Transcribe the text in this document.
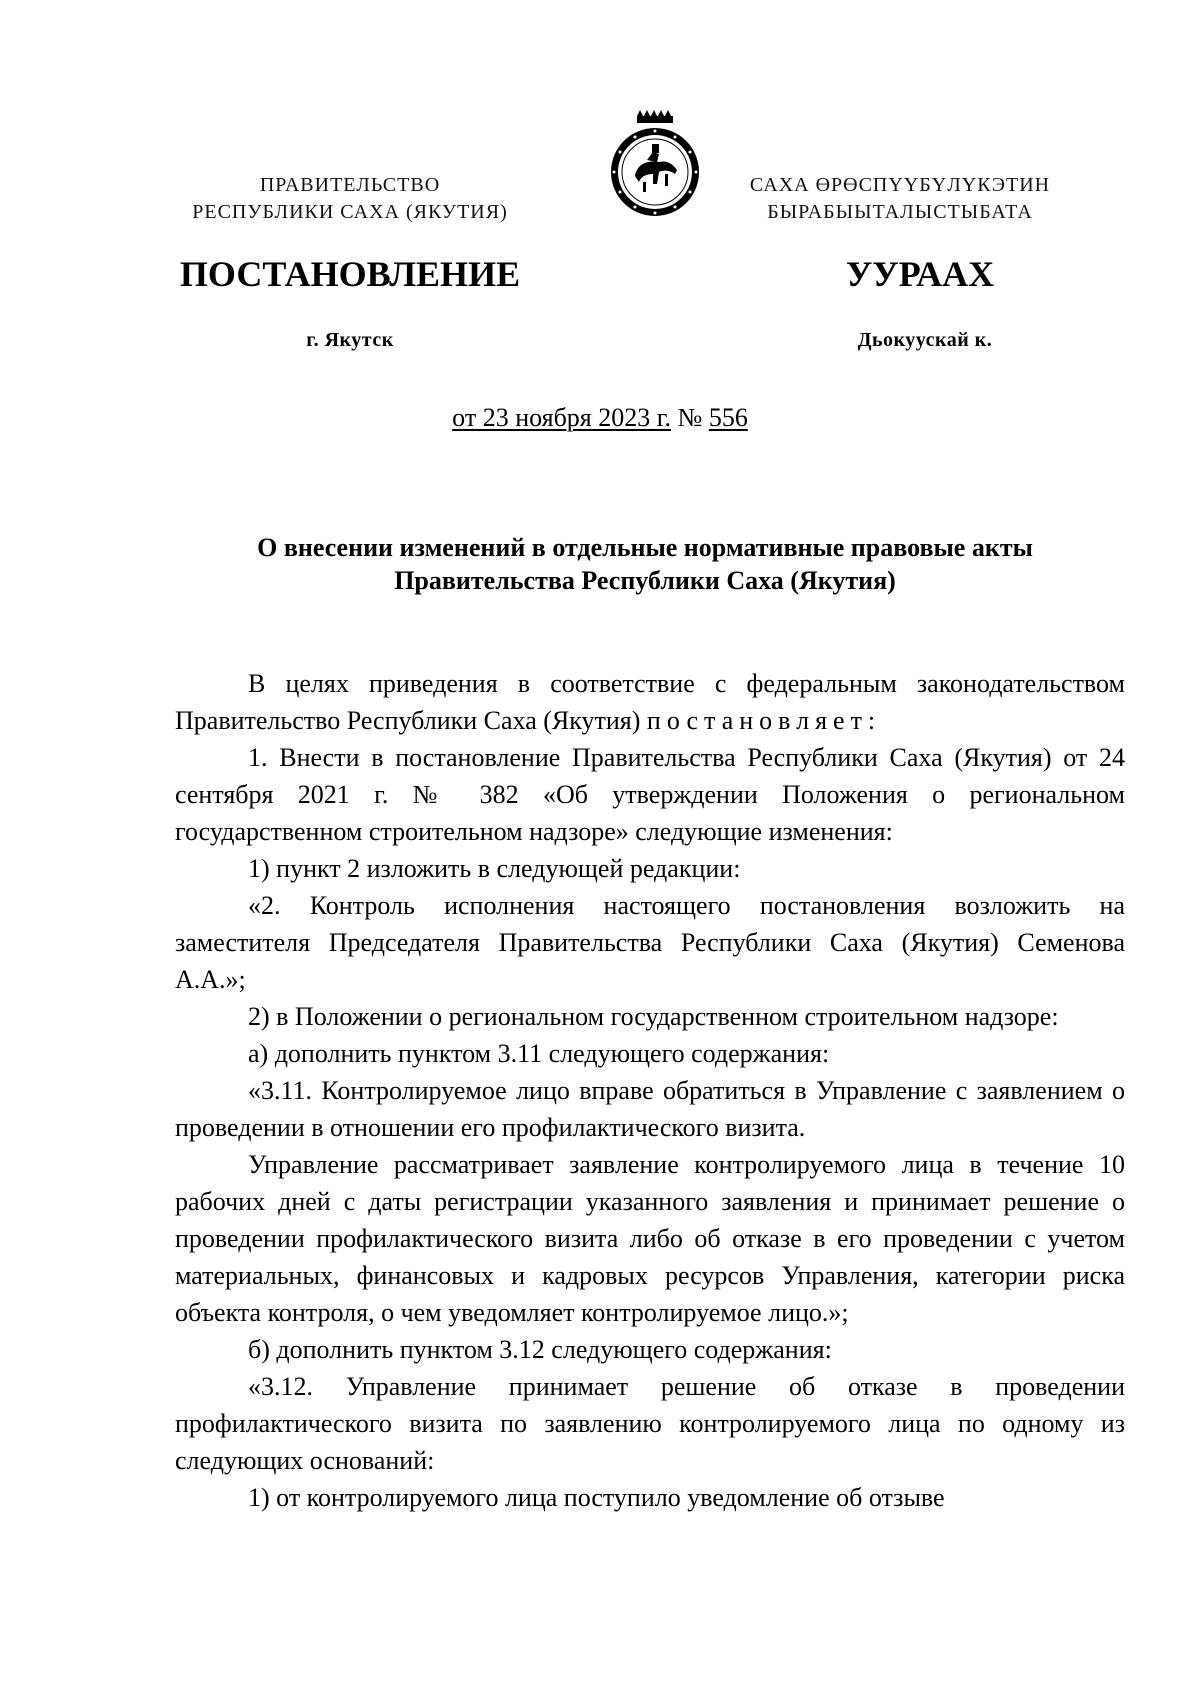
ПРАВИТЕЛЬСТВО
РЕСПУБЛИКИ САХА (ЯКУТИЯ)
САХА ӨРӨСПҮҮБҮЛҮКЭТИН
БЫРАБЫЫТАЛЫСТЫБАТА
ПОСТАНОВЛЕНИЕ	УУРААХ
г. Якутск	Дьокуускай к.
от 23 ноября 2023 г. № 556
О внесении изменений в отдельные нормативные правовые акты
Правительства Республики Саха (Якутия)

В целях приведения в соответствие с федеральным законодательством Правительство Республики Саха (Якутия) постановляет:

1. Внести в постановление Правительства Республики Саха (Якутия) от 24 сентября 2021 г. № 382 «Об утверждении Положения о региональном государственном строительном надзоре» следующие изменения:

1) пункт 2 изложить в следующей редакции:

«2. Контроль исполнения настоящего постановления возложить на заместителя Председателя Правительства Республики Саха (Якутия) Семенова А.А.»;

2) в Положении о региональном государственном строительном надзоре:

а) дополнить пунктом 3.11 следующего содержания:

«3.11. Контролируемое лицо вправе обратиться в Управление с заявлением о проведении в отношении его профилактического визита.

Управление рассматривает заявление контролируемого лица в течение 10 рабочих дней с даты регистрации указанного заявления и принимает решение о проведении профилактического визита либо об отказе в его проведении с учетом материальных, финансовых и кадровых ресурсов Управления, категории риска объекта контроля, о чем уведомляет контролируемое лицо.»;

б) дополнить пунктом 3.12 следующего содержания:

«3.12. Управление принимает решение об отказе в проведении профилактического визита по заявлению контролируемого лица по одному из следующих оснований:

1) от контролируемого лица поступило уведомление об отзыве
